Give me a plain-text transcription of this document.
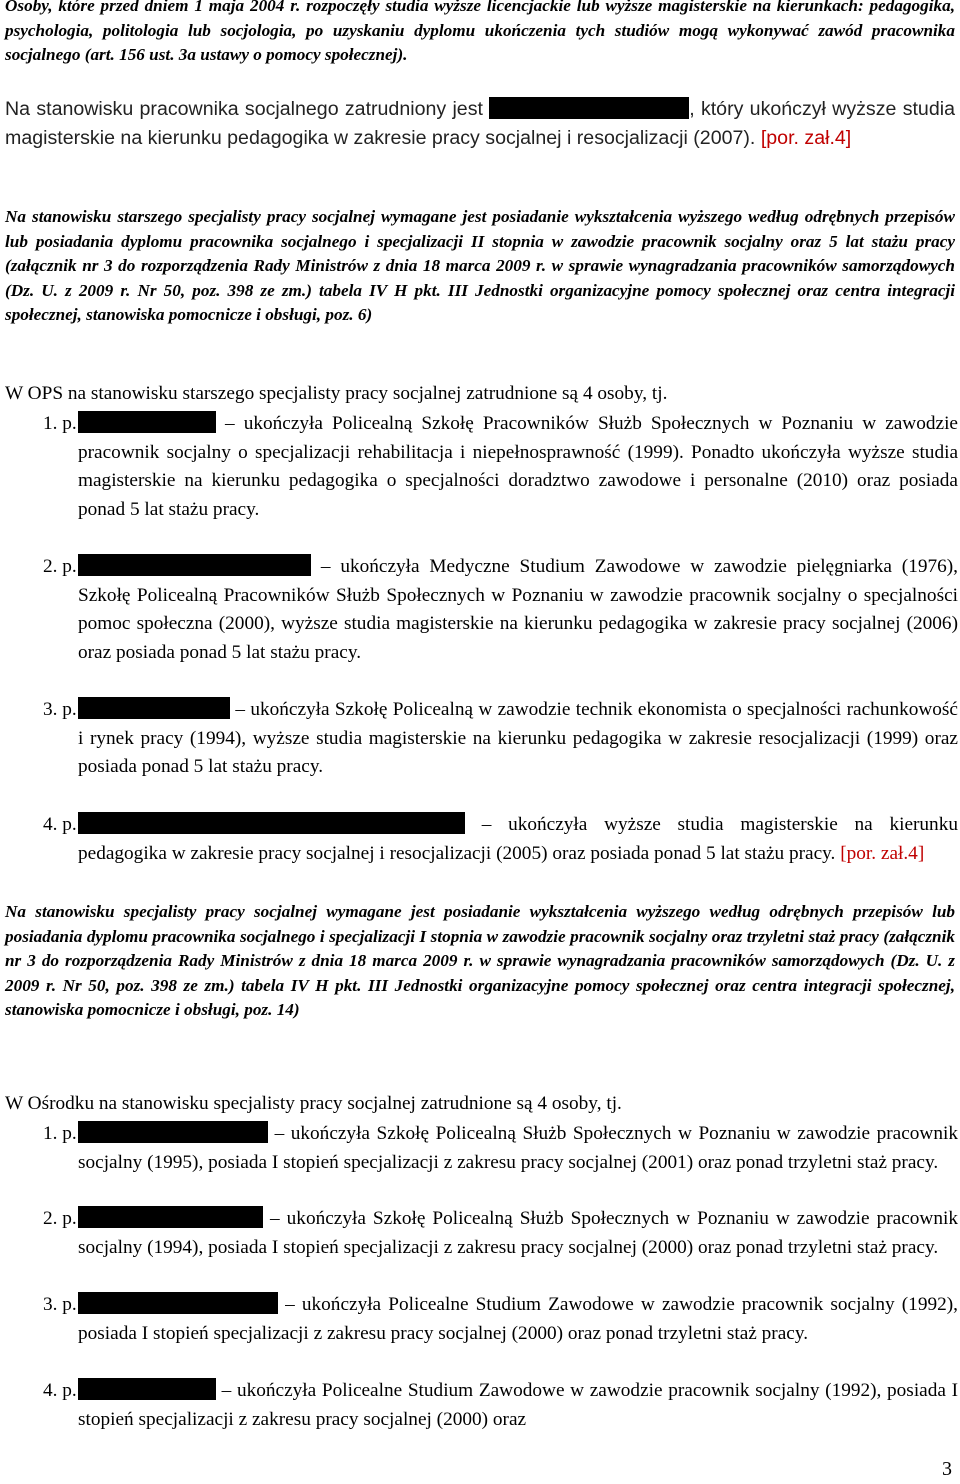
Osoby, które przed dniem 1 maja 2004 r. rozpoczęły studia wyższe licencjackie lub wyższe magisterskie na kierunkach: pedagogika, psychologia, politologia lub socjologia, po uzyskaniu dyplomu ukończenia tych studiów mogą wykonywać zawód pracownika socjalnego (art. 156 ust. 3a ustawy o pomocy społecznej).
Na stanowisku pracownika socjalnego zatrudniony jest	, który ukończył wyższe studia magisterskie na kierunku pedagogika w zakresie pracy socjalnej i resocjalizacji (2007). [por. zał.4]
Na stanowisku starszego specjalisty pracy socjalnej wymagane jest posiadanie wykształcenia wyższego według odrębnych przepisów lub posiadania dyplomu pracownika socjalnego i specjalizacji II stopnia w zawodzie pracownik socjalny oraz 5 lat stażu pracy (załącznik nr 3 do rozporządzenia Rady Ministrów z dnia 18 marca 2009 r. w sprawie wynagradzania pracowników samorządowych (Dz. U. z 2009 r. Nr 50, poz. 398 ze zm.) tabela IV H pkt. III Jednostki organizacyjne pomocy społecznej oraz centra integracji społecznej, stanowiska pomocnicze i obsługi, poz. 6)
W OPS na stanowisku starszego specjalisty pracy socjalnej zatrudnione są 4 osoby, tj.
1. p.	– ukończyła Policealną Szkołę Pracowników Służb Społecznych w Poznaniu w zawodzie pracownik socjalny o specjalizacji rehabilitacja i niepełnosprawność (1999). Ponadto ukończyła wyższe studia magisterskie na kierunku pedagogika o specjalności doradztwo zawodowe i personalne (2010) oraz posiada ponad 5 lat stażu pracy.
2. p.	– ukończyła Medyczne Studium Zawodowe w zawodzie pielęgniarka (1976), Szkołę Policealną Pracowników Służb Społecznych w Poznaniu w zawodzie pracownik socjalny o specjalności pomoc społeczna (2000), wyższe studia magisterskie na kierunku pedagogika w zakresie pracy socjalnej (2006) oraz posiada ponad 5 lat stażu pracy.
3. p.	– ukończyła Szkołę Policealną w zawodzie technik ekonomista o specjalności rachunkowość i rynek pracy (1994), wyższe studia magisterskie na kierunku pedagogika w zakresie resocjalizacji (1999) oraz posiada ponad 5 lat stażu pracy.
4. p.	– ukończyła wyższe studia magisterskie na kierunku pedagogika w zakresie pracy socjalnej i resocjalizacji (2005) oraz posiada ponad 5 lat stażu pracy. [por. zał.4]
Na stanowisku specjalisty pracy socjalnej wymagane jest posiadanie wykształcenia wyższego według odrębnych przepisów lub posiadania dyplomu pracownika socjalnego i specjalizacji I stopnia w zawodzie pracownik socjalny oraz trzyletni staż pracy (załącznik nr 3 do rozporządzenia Rady Ministrów z dnia 18 marca 2009 r. w sprawie wynagradzania pracowników samorządowych (Dz. U. z 2009 r. Nr 50, poz. 398 ze zm.) tabela IV H pkt. III Jednostki organizacyjne pomocy społecznej oraz centra integracji społecznej, stanowiska pomocnicze i obsługi, poz. 14)
W Ośrodku na stanowisku specjalisty pracy socjalnej zatrudnione są 4 osoby, tj.
1. p.	– ukończyła Szkołę Policealną Służb Społecznych w Poznaniu w zawodzie pracownik socjalny (1995), posiada I stopień specjalizacji z zakresu pracy socjalnej (2001) oraz ponad trzyletni staż pracy.
2. p.	– ukończyła Szkołę Policealną Służb Społecznych w Poznaniu w zawodzie pracownik socjalny (1994), posiada I stopień specjalizacji z zakresu pracy socjalnej (2000) oraz ponad trzyletni staż pracy.
3. p.	– ukończyła Policealne Studium Zawodowe w zawodzie pracownik socjalny (1992), posiada I stopień specjalizacji z zakresu pracy socjalnej (2000) oraz ponad trzyletni staż pracy.
4. p.	– ukończyła Policealne Studium Zawodowe w zawodzie pracownik socjalny (1992), posiada I stopień specjalizacji z zakresu pracy socjalnej (2000) oraz
3
